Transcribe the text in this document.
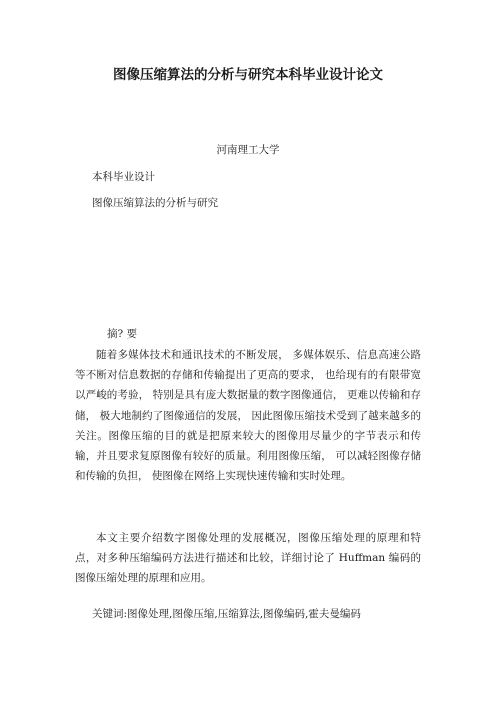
图像压缩算法的分析与研究本科毕业设计论文
河南理工大学
本科毕业设计
图像压缩算法的分析与研究
摘? 要

随着多媒体技术和通讯技术的不断发展， 多媒体娱乐、信息高速公路等不断对信息数据的存储和传输提出了更高的要求， 也给现有的有限带宽以严峻的考验， 特别是具有庞大数据量的数字图像通信， 更难以传输和存储， 极大地制约了图像通信的发展， 因此图像压缩技术受到了越来越多的关注。图像压缩的目的就是把原来较大的图像用尽量少的字节表示和传输，并且要求复原图像有较好的质量。利用图像压缩， 可以减轻图像存储和传输的负担， 使图像在网络上实现快速传输和实时处理。

本文主要介绍数字图像处理的发展概况，图像压缩处理的原理和特点，对多种压缩编码方法进行描述和比较，详细讨论了 Huffman 编码的图像压缩处理的原理和应用。

关键词:图像处理,图像压缩,压缩算法,图像编码,霍夫曼编码
